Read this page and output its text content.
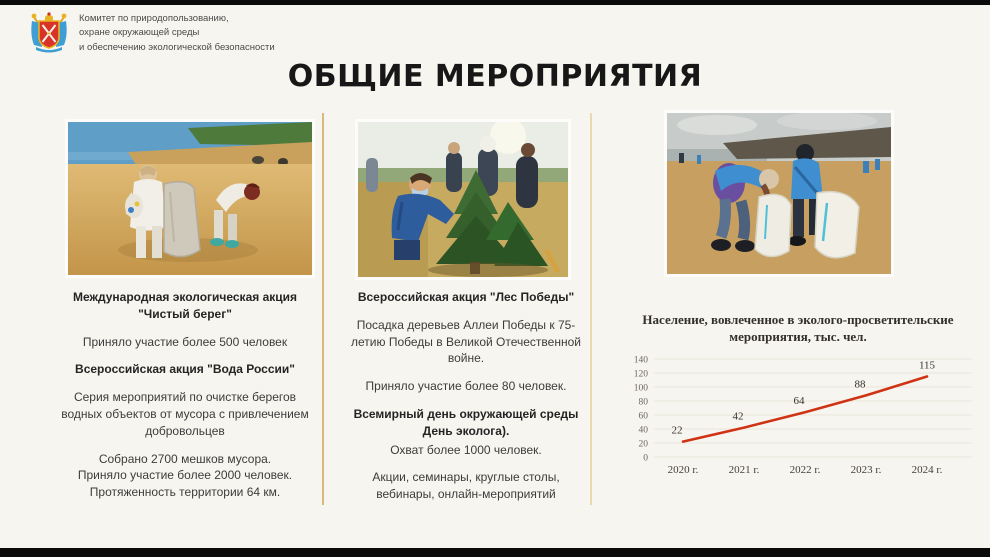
Комитет по природопользованию,
охране окружающей среды
и обеспечению экологической безопасности
ОБЩИЕ МЕРОПРИЯТИЯ

Международная экологическая акция
"Чистый берег"

Приняло участие более 500 человек

Всероссийская акция "Вода России"

Серия мероприятий по очистке берегов водных объектов от мусора с привлечением добровольцев

Собрано 2700 мешков мусора.
Приняло участие более 2000 человек.
Протяженность территории 64 км.

Всероссийская акция "Лес Победы"

Посадка деревьев Аллеи Победы к 75-летию Победы в Великой Отечественной войне.

Приняло участие более 80 человек.

Всемирный день окружающей среды
День эколога).

Охват более 1000 человек.

Акции, семинары, круглые столы,
вебинары, онлайн-мероприятий

Население, вовлеченное в эколого-просветительские мероприятия, тыс. чел.
0
20
40
60
80
100
120
140
2020 г.	2021 г.	2022 г.	2023 г.	2024 г.
22
42
64
88
115
